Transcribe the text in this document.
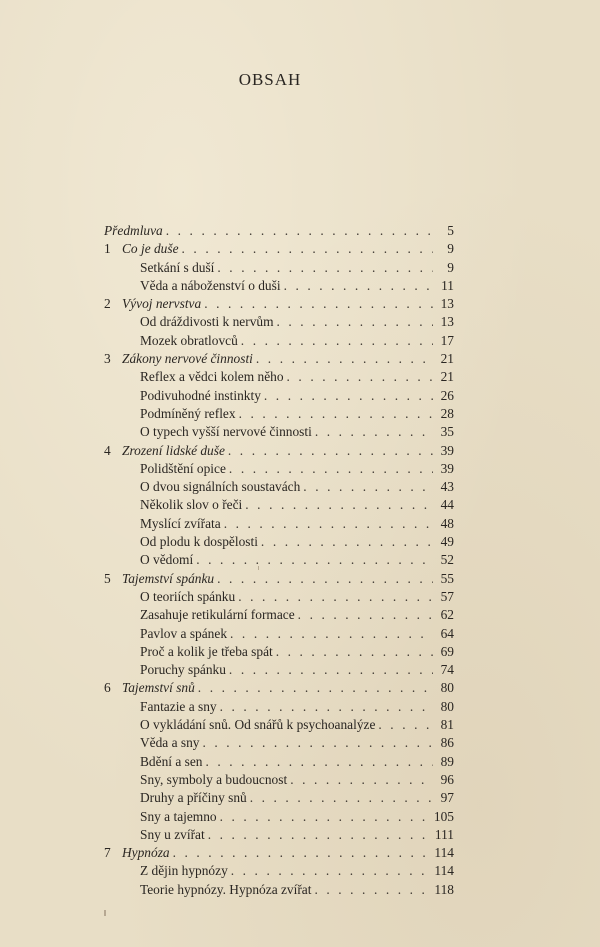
OBSAH
Předmluva . . .	5
1 Co je duše . . .	9
Setkání s duší . . .	9
Věda a náboženství o duši . . .	11
2 Vývoj nervstva . . .	13
Od dráždivosti k nervům . . .	13
Mozek obratlovců . . .	17
3 Zákony nervové činnosti . . .	21
Reflex a vědci kolem něho . . .	21
Podivuhodné instinkty . . .	26
Podmíněný reflex . . .	28
O typech vyšší nervové činnosti . . .	35
4 Zrození lidské duše . . .	39
Polidštění opice . . .	39
O dvou signálních soustavách . . .	43
Několik slov o řeči . . .	44
Myslící zvířata . . .	48
Od plodu k dospělosti . . .	49
O vědomí . . .	52
5 Tajemství spánku . . .	55
O teoriích spánku . . .	57
Zasahuje retikulární formace . . .	62
Pavlov a spánek . . .	64
Proč a kolik je třeba spát . . .	69
Poruchy spánku . . .	74
6 Tajemství snů . . .	80
Fantazie a sny . . .	80
O vykládání snů. Od snářů k psychoanalýze . . .	81
Věda a sny . . .	86
Bdění a sen . . .	89
Sny, symboly a budoucnost . . .	96
Druhy a příčiny snů . . .	97
Sny a tajemno . . .	105
Sny u zvířat . . .	111
7 Hypnóza . . .	114
Z dějin hypnózy . . .	114
Teorie hypnózy. Hypnóza zvířat . . .	118
